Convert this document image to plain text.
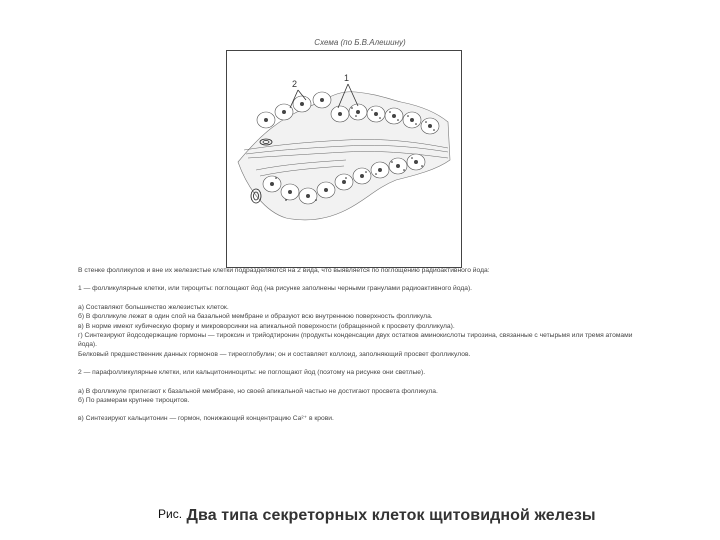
Схема (по Б.В.Алешину)
2
1

В стенке фолликулов и вне их железистые клетки подразделяются на 2 вида, что выявляется по поглощению радиоактивного йода:

1 — фолликулярные клетки, или тироциты: поглощают йод (на рисунке заполнены черными гранулами радиоактивного йода).

а) Составляют большинство железистых клеток.

б) В фолликуле лежат в один слой на базальной мембране и образуют всю внутреннюю поверхность фолликула.

в) В норме имеют кубическую форму и микроворсинки на апикальной поверхности (обращенной к просвету фолликула).

г) Синтезируют йодсодержащие гормоны — тироксин и трийодтиронин (продукты конденсации двух остатков аминокислоты тирозина, связанные с четырьмя или тремя атомами йода).

Белковый предшественник данных гормонов — тиреоглобулин; он и составляет коллоид, заполняющий просвет фолликулов.

2 — парафолликулярные клетки, или кальцитониноциты: не поглощают йод (поэтому на рисунке они светлые).

а) В фолликуле прилегают к базальной мембране, но своей апикальной частью не достигают просвета фолликула.

б) По размерам крупнее тироцитов.

в) Синтезируют кальцитонин — гормон, понижающий концентрацию Ca²⁺ в крови.

Рис. Два типа секреторных клеток щитовидной железы
